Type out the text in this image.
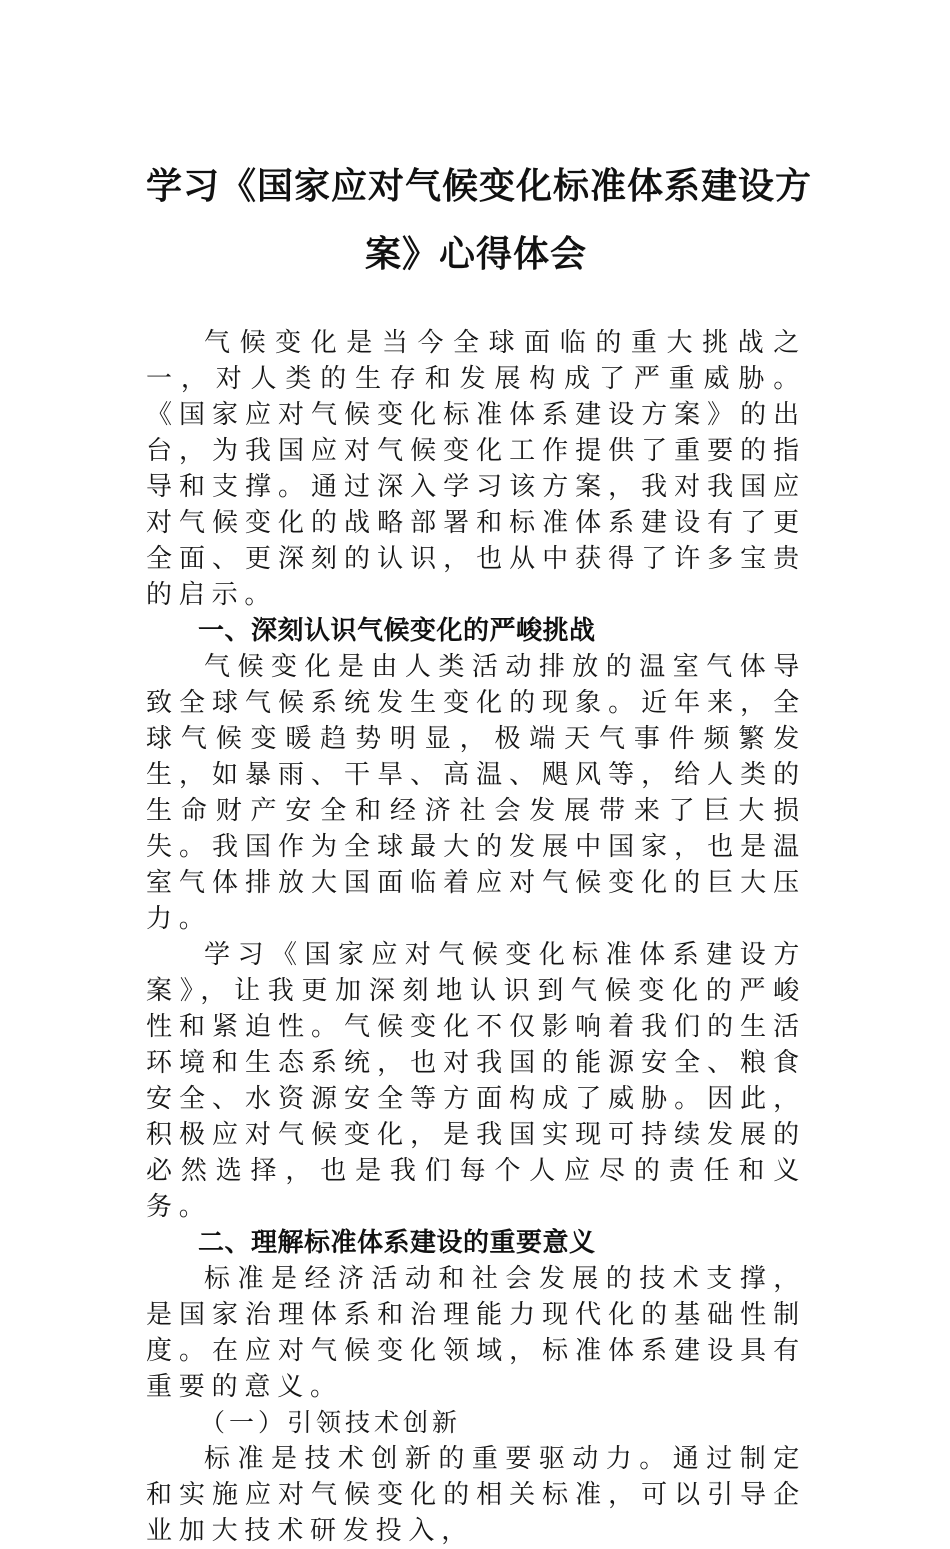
学习《国家应对气候变化标准体系建设方
案》心得体会

气候变化是当今全球面临的重大挑战之一，对人类的生存和发展构成了严重威胁。《国家应对气候变化标准体系建设方案》的出台，为我国应对气候变化工作提供了重要的指导和支撑。通过深入学习该方案，我对我国应对气候变化的战略部署和标准体系建设有了更全面、更深刻的认识，也从中获得了许多宝贵的启示。

一、深刻认识气候变化的严峻挑战

气候变化是由人类活动排放的温室气体导致全球气候系统发生变化的现象。近年来，全球气候变暖趋势明显，极端天气事件频繁发生，如暴雨、干旱、高温、飓风等，给人类的生命财产安全和经济社会发展带来了巨大损失。我国作为全球最大的发展中国家，也是温室气体排放大国面临着应对气候变化的巨大压力。

学习《国家应对气候变化标准体系建设方案》，让我更加深刻地认识到气候变化的严峻性和紧迫性。气候变化不仅影响着我们的生活环境和生态系统，也对我国的能源安全、粮食安全、水资源安全等方面构成了威胁。因此，积极应对气候变化，是我国实现可持续发展的必然选择，也是我们每个人应尽的责任和义务。

二、理解标准体系建设的重要意义

标准是经济活动和社会发展的技术支撑，是国家治理体系和治理能力现代化的基础性制度。在应对气候变化领域，标准体系建设具有重要的意义。

（一）引领技术创新

标准是技术创新的重要驱动力。通过制定和实施应对气候变化的相关标准，可以引导企业加大技术研发投入，
